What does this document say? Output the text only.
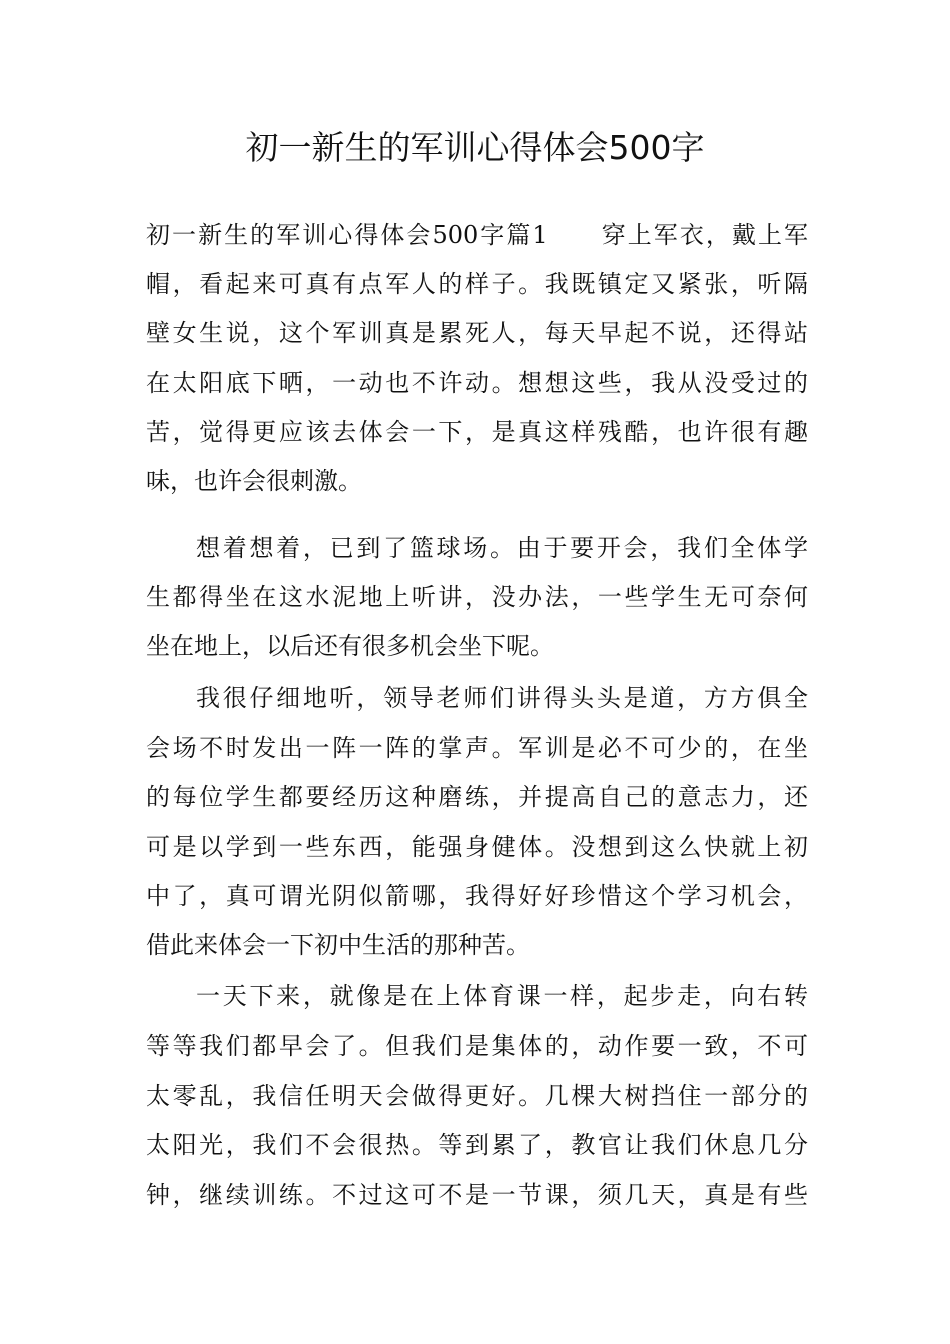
初一新生的军训心得体会500字
初一新生的军训心得体会500字篇1 穿上军衣，戴上军
帽，看起来可真有点军人的样子。我既镇定又紧张，听隔
壁女生说，这个军训真是累死人，每天早起不说，还得站
在太阳底下晒，一动也不许动。想想这些，我从没受过的
苦，觉得更应该去体会一下，是真这样残酷，也许很有趣
味，也许会很刺激。
想着想着，已到了篮球场。由于要开会，我们全体学
生都得坐在这水泥地上听讲，没办法，一些学生无可奈何
坐在地上，以后还有很多机会坐下呢。
我很仔细地听，领导老师们讲得头头是道，方方俱全
会场不时发出一阵一阵的掌声。军训是必不可少的，在坐
的每位学生都要经历这种磨练，并提高自己的意志力，还
可是以学到一些东西，能强身健体。没想到这么快就上初
中了，真可谓光阴似箭哪，我得好好珍惜这个学习机会，
借此来体会一下初中生活的那种苦。
一天下来，就像是在上体育课一样，起步走，向右转
等等我们都早会了。但我们是集体的，动作要一致，不可
太零乱，我信任明天会做得更好。几棵大树挡住一部分的
太阳光，我们不会很热。等到累了，教官让我们休息几分
钟，继续训练。不过这可不是一节课，须几天，真是有些
